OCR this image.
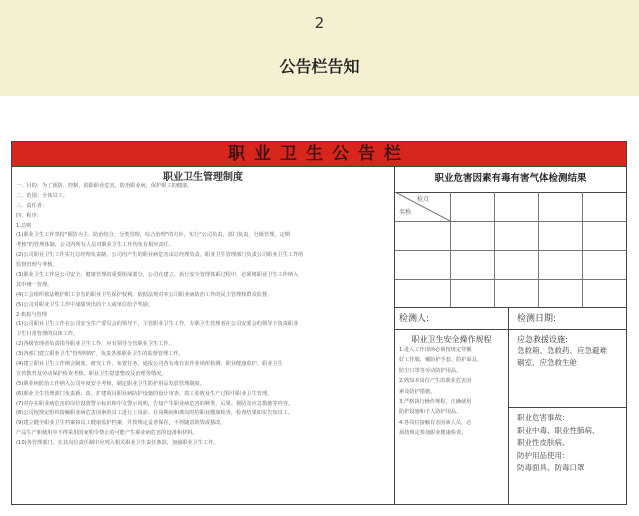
2
公告栏告知
职业卫生公告栏
职业卫生管理制度
一、目的：为了预防、控制、消除职业危害，防治职业病，保护职工的健康。
二、范围：全体员工。
三、责任者：
四、程序：
1.总则
(1)职业卫生工作坚持"预防为主、防治结合、分类管理，综合治理"的方针，实行"公司负责，部门负责，分级管理，定期
考核"的管理体制，公司内所有人员对职业卫生工作均负有相应责任。
(2)公司职业卫生工作实行总经理负责制，公司内产生的职业病危害由总经理负责，职业卫生管理部门负责公司职业卫生工作的
监督管理与考核。
(3)职业卫生工作是公司安全、健康管理的重要组成部分，公司在建立、执行安全管理体系过程中，必须将职业卫生工作纳入
其中统一管理。
(4)工会组织依法维护职工享有的职业卫生保护权利，依据法规对本公司职业病防治工作的民主管理和群众监督。
(5)公司对职业卫生工作中成绩突出的个人或单位给予奖励。
2.机构与管理
(1)公司职业卫生工作在公司安全生产委员会的领导下，主管职业卫生工作，专职卫生管理者在公司安委会的领导下负责职业
卫生日常管理的具体工作。
(2)各级管理者负责指导职业卫生工作，应有领导分管职业卫生工作。
(3)各部门建立职业卫生"管理网络"，负责各部职业卫生的监督管理工作。
(4)建立职业卫生工作例会制度，研究工作，布置任务，通报公司各有毒有害作业场所检测、职业健康监护、职业卫生
宣传教育及劳动保护检查考核、职业卫生隐患整改及治理等情况。
(5)职业病防治工作纳入公司年度安全考核，制定职业卫生防护用品发放管理制度。
(6)职业卫生管理部门负责新、改、扩建项目职业病防护设施的设计审查、竣工验收及生产过程中职业卫生管理。
(7)对存在职业病危害的岗位设置警示标识和中文警示说明，告知产生职业病危害的种类、后果、预防及应急措施等内容。
(8)公司按规定组织接触职业病危害因素的员工进行上岗前、在岗期间和离岗时的职业健康检查，检查结果如实告知员工。
(9)建立健全职业卫生档案和员工健康监护档案，并按规定妥善保存，不得随意销毁或篡改。
产品生产和使用中不得采用国家明令禁止的可能产生职业病危害的设备和材料。
(10)各管理部门、在其岗位责任制中应列入相关职业卫生责任条款，加强职业卫生工作。
职业危害因素有毒有害气体检测结果
检点
名称
检测人:	检测日期:
职业卫生安全操作规程
1.进入工作现场必须按规定穿戴
好工作服，戴防护手套、防护面具、
防尘口罩等劳动防护用品。
2.熟知本岗位产生的职业危害因
素及防护措施。
3.严格执行操作规程，正确使用
防护设施和个人防护用品。
4.各岗位接触有害因素人员，必
须按规定参加职业健康检查。
应急救援设施:
急救箱、急救药、应急避难
硐室、应急救生舱
职业危害事故:
职业中毒、职业性肺病、
职业性皮肤病、
防护用品使用:
防毒面具、防毒口罩
